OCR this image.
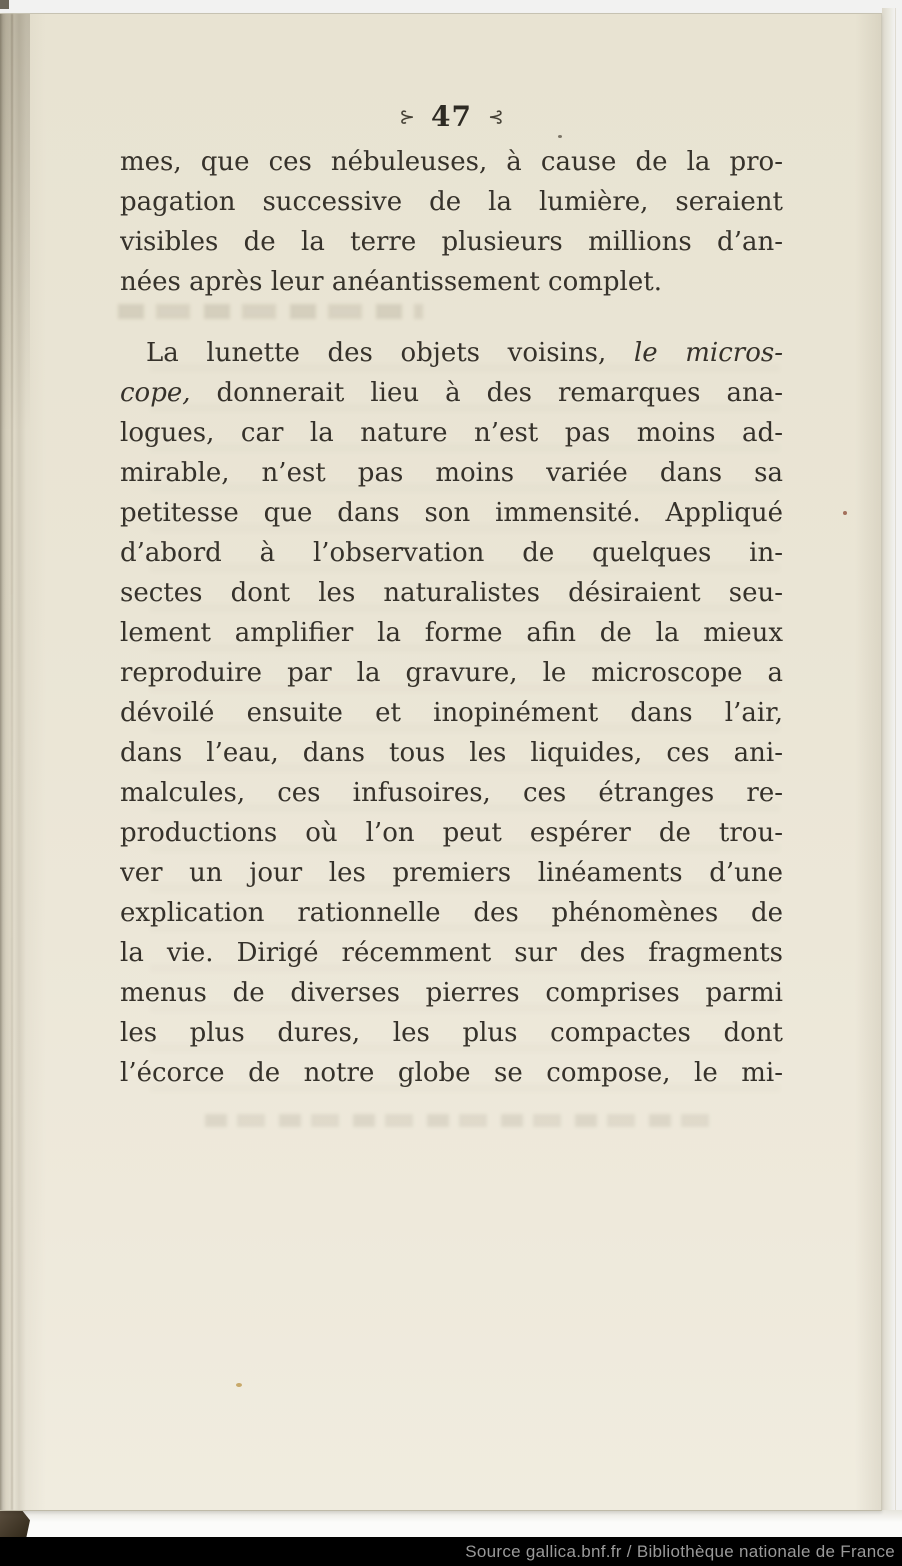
⊱ 47 ⊰
mes, que ces nébuleuses, à cause de la pro-
pagation successive de la lumière, seraient
visibles de la terre plusieurs millions d’an-
nées après leur anéantissement complet.
La lunette des objets voisins, le micros-
cope, donnerait lieu à des remarques ana-
logues, car la nature n’est pas moins ad-
mirable, n’est pas moins variée dans sa
petitesse que dans son immensité. Appliqué
d’abord à l’observation de quelques in-
sectes dont les naturalistes désiraient seu-
lement amplifier la forme afin de la mieux
reproduire par la gravure, le microscope a
dévoilé ensuite et inopinément dans l’air,
dans l’eau, dans tous les liquides, ces ani-
malcules, ces infusoires, ces étranges re-
productions où l’on peut espérer de trou-
ver un jour les premiers linéaments d’une
explication rationnelle des phénomènes de
la vie. Dirigé récemment sur des fragments
menus de diverses pierres comprises parmi
les plus dures, les plus compactes dont
l’écorce de notre globe se compose, le mi-
Source gallica.bnf.fr / Bibliothèque nationale de France
